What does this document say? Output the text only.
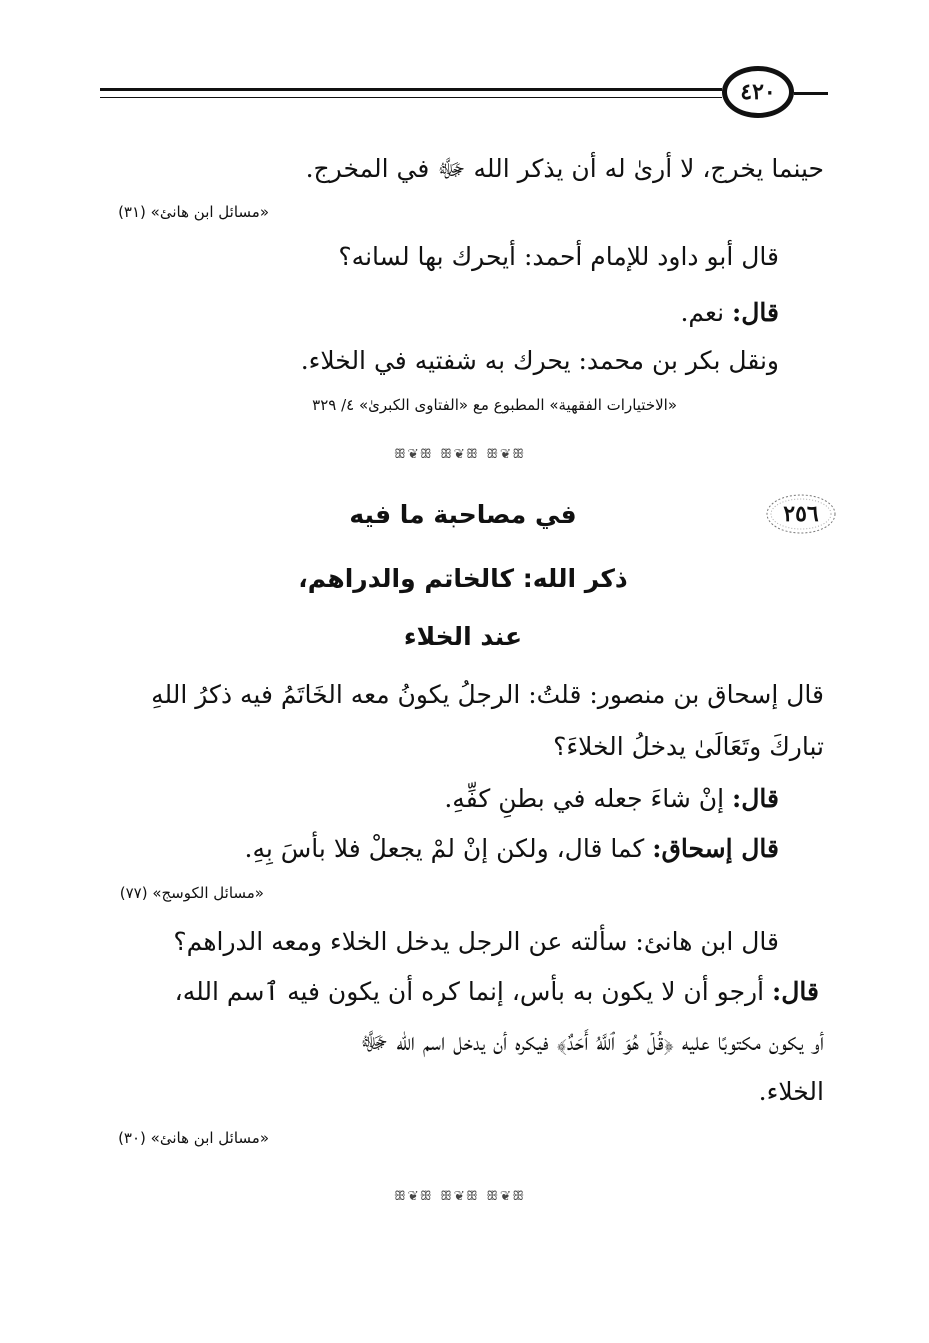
٤٢٠
حينما يخرج، لا أرىٰ له أن يذكر الله ﷻ في المخرج.
«مسائل ابن هانئ» (٣١)
قال أبو داود للإمام أحمد: أيحرك بها لسانه؟
قال: نعم.
ونقل بكر بن محمد: يحرك به شفتيه في الخلاء.
«الاختيارات الفقهية» المطبوع مع «الفتاوى الكبرىٰ» ٤/ ٣٢٩
ꕥ❦ꕥ ꕥ❦ꕥ ꕥ❦ꕥ
٢٥٦
في مصاحبة ما فيه
ذكر الله: كالخاتم والدراهم،
عند الخلاء
قال إسحاق بن منصور: قلتُ: الرجلُ يكونُ معه الخَاتَمُ فيه ذكرُ اللهِ
تباركَ وتَعَالَىٰ يدخلُ الخلاءَ؟
قال: إنْ شاءَ جعله في بطنِ كفِّهِ.
قال إسحاق: كما قال، ولكن إنْ لمْ يجعلْ فلا بأسَ بِهِ.
«مسائل الكوسج» (٧٧)
قال ابن هانئ: سألته عن الرجل يدخل الخلاء ومعه الدراهم؟
قال: أرجو أن لا يكون به بأس، إنما كره أن يكون فيه ٱسم الله،
أو يكون مكتوبًا عليه ﴿قُلۡ هُوَ ٱللَّهُ أَحَدٌ﴾ فيكره أن يدخل اسم الله ﷻ
الخلاء.
«مسائل ابن هانئ» (٣٠)
ꕥ❦ꕥ ꕥ❦ꕥ ꕥ❦ꕥ
